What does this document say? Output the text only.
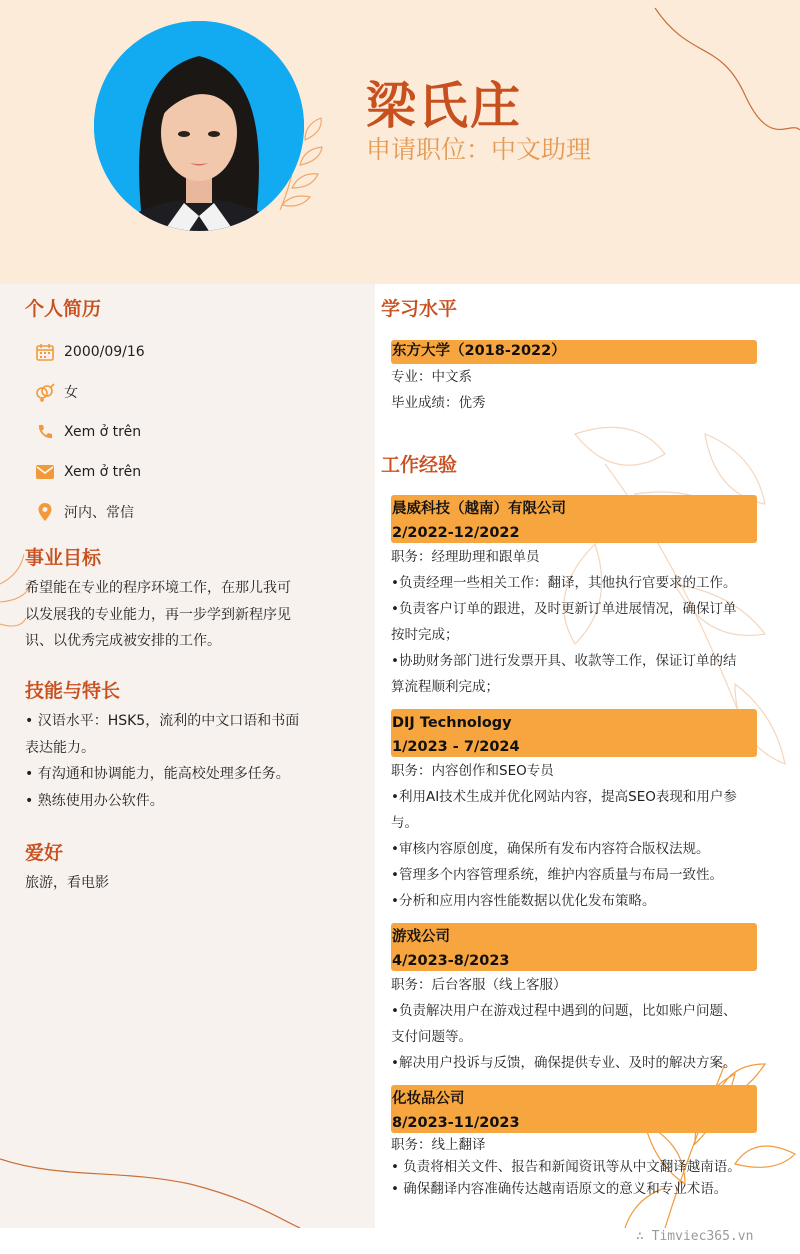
梁氏庄
申请职位：中文助理
个人简历
2000/09/16
女
Xem ở trên
Xem ở trên
河内、常信
事业目标
希望能在专业的程序环境工作，在那儿我可
以发展我的专业能力，再一步学到新程序见
识、以优秀完成被安排的工作。
技能与特长
• 汉语水平：HSK5，流利的中文口语和书面
表达能力。
• 有沟通和协调能力，能高校处理多任务。
• 熟练使用办公软件。
爱好
旅游，看电影
学习水平
东方大学（2018-2022）
专业：中文系
毕业成绩：优秀
工作经验
晨威科技（越南）有限公司
2/2022-12/2022
职务：经理助理和跟单员
•负责经理一些相关工作：翻译，其他执行官要求的工作。
•负责客户订单的跟进，及时更新订单进展情况，确保订单
按时完成；
•协助财务部门进行发票开具、收款等工作，保证订单的结
算流程顺利完成；
DIJ Technology
1/2023 - 7/2024
职务：内容创作和SEO专员
•利用AI技术生成并优化网站内容，提高SEO表现和用户参
与。
•审核内容原创度，确保所有发布内容符合版权法规。
•管理多个内容管理系统，维护内容质量与布局一致性。
•分析和应用内容性能数据以优化发布策略。
游戏公司
4/2023-8/2023
职务：后台客服（线上客服）
•负责解决用户在游戏过程中遇到的问题，比如账户问题、
支付问题等。
•解决用户投诉与反馈，确保提供专业、及时的解决方案。
化妆品公司
8/2023-11/2023
职务：线上翻译
• 负责将相关文件、报告和新闻资讯等从中文翻译越南语。
• 确保翻译内容准确传达越南语原文的意义和专业术语。
∴ Timviec365.vn
